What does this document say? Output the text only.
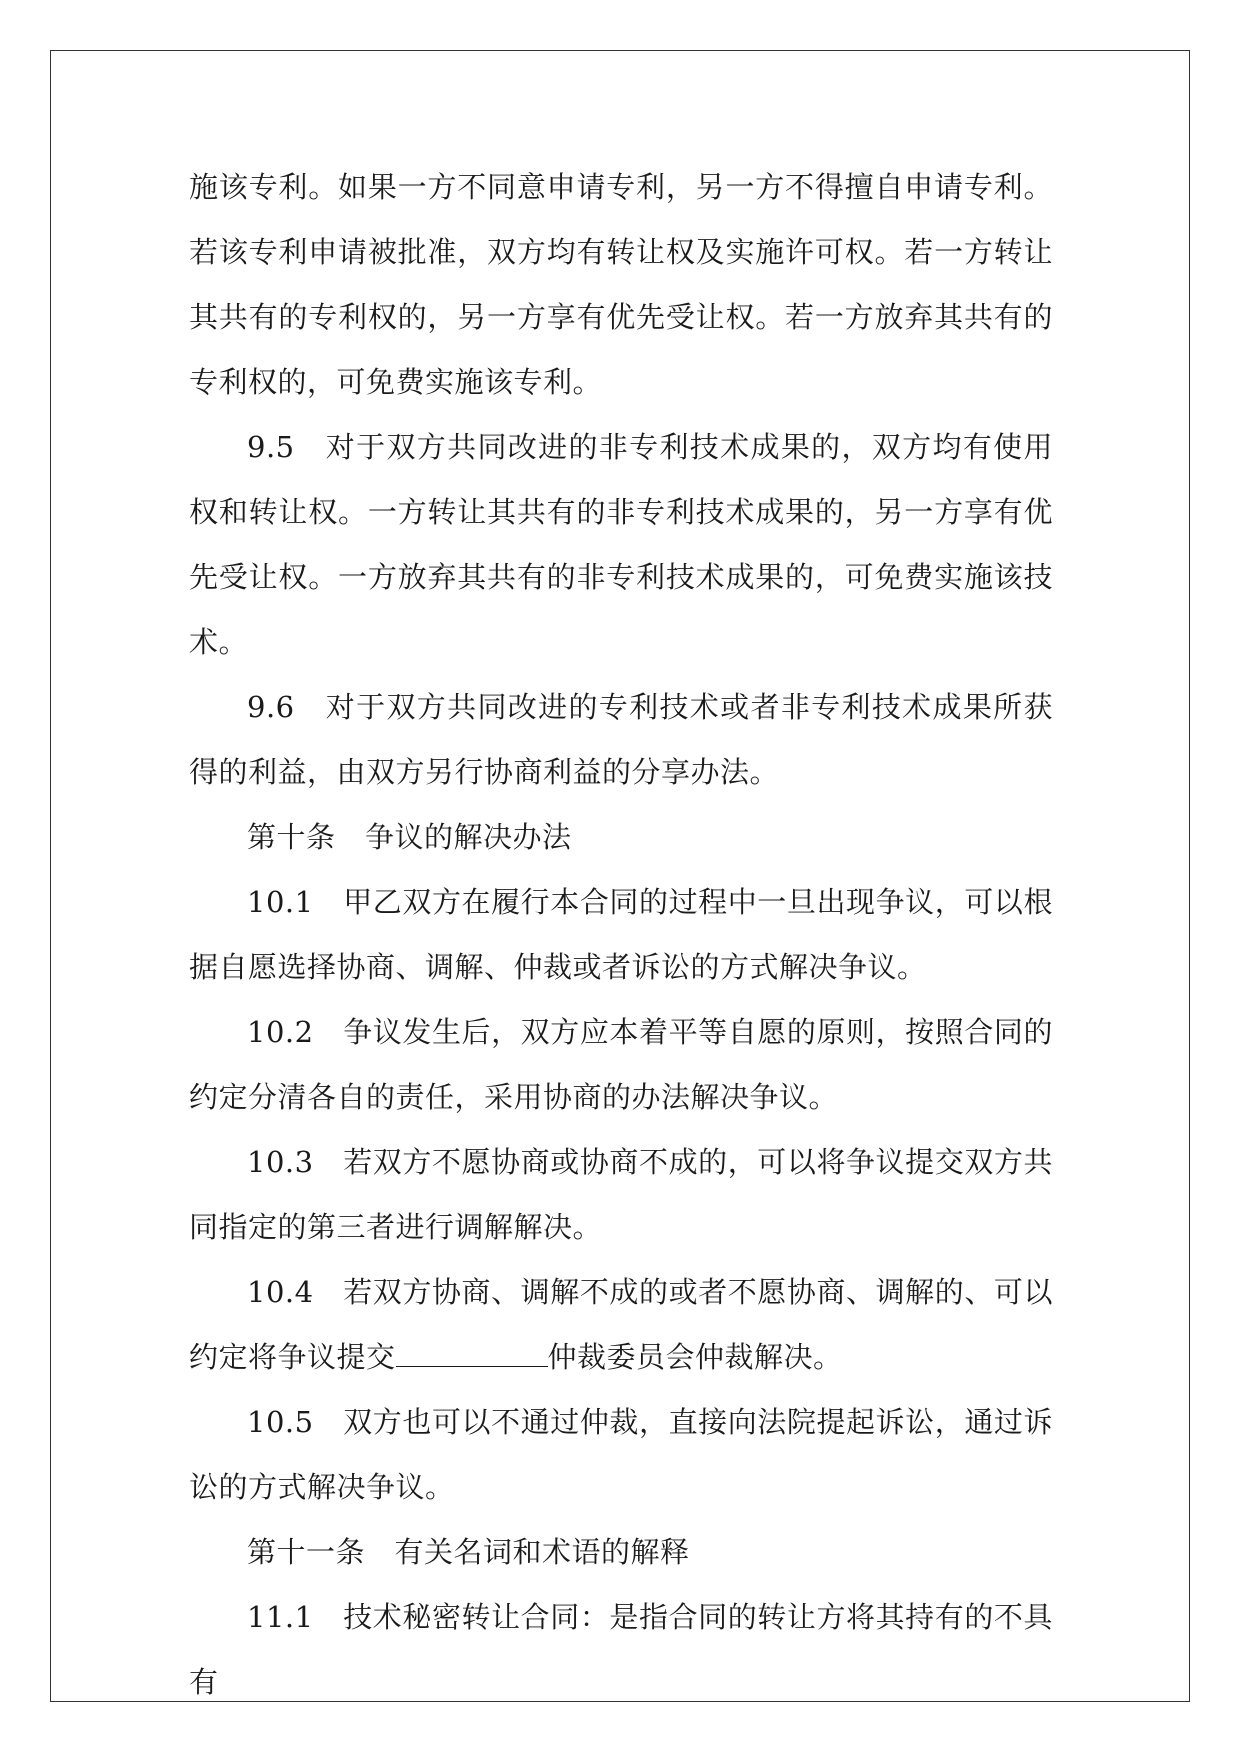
施该专利。如果一方不同意申请专利，另一方不得擅自申请专利。若该专利申请被批准，双方均有转让权及实施许可权。若一方转让其共有的专利权的，另一方享有优先受让权。若一方放弃其共有的专利权的，可免费实施该专利。

9.5　对于双方共同改进的非专利技术成果的，双方均有使用权和转让权。一方转让其共有的非专利技术成果的，另一方享有优先受让权。一方放弃其共有的非专利技术成果的，可免费实施该技术。

9.6　对于双方共同改进的专利技术或者非专利技术成果所获得的利益，由双方另行协商利益的分享办法。

第十条　争议的解决办法

10.1　甲乙双方在履行本合同的过程中一旦出现争议，可以根据自愿选择协商、调解、仲裁或者诉讼的方式解决争议。

10.2　争议发生后，双方应本着平等自愿的原则，按照合同的约定分清各自的责任，采用协商的办法解决争议。

10.3　若双方不愿协商或协商不成的，可以将争议提交双方共同指定的第三者进行调解解决。

10.4　若双方协商、调解不成的或者不愿协商、调解的、可以约定将争议提交	仲裁委员会仲裁解决。

10.5　双方也可以不通过仲裁，直接向法院提起诉讼，通过诉讼的方式解决争议。

第十一条　有关名词和术语的解释

11.1　技术秘密转让合同：是指合同的转让方将其持有的不具有
